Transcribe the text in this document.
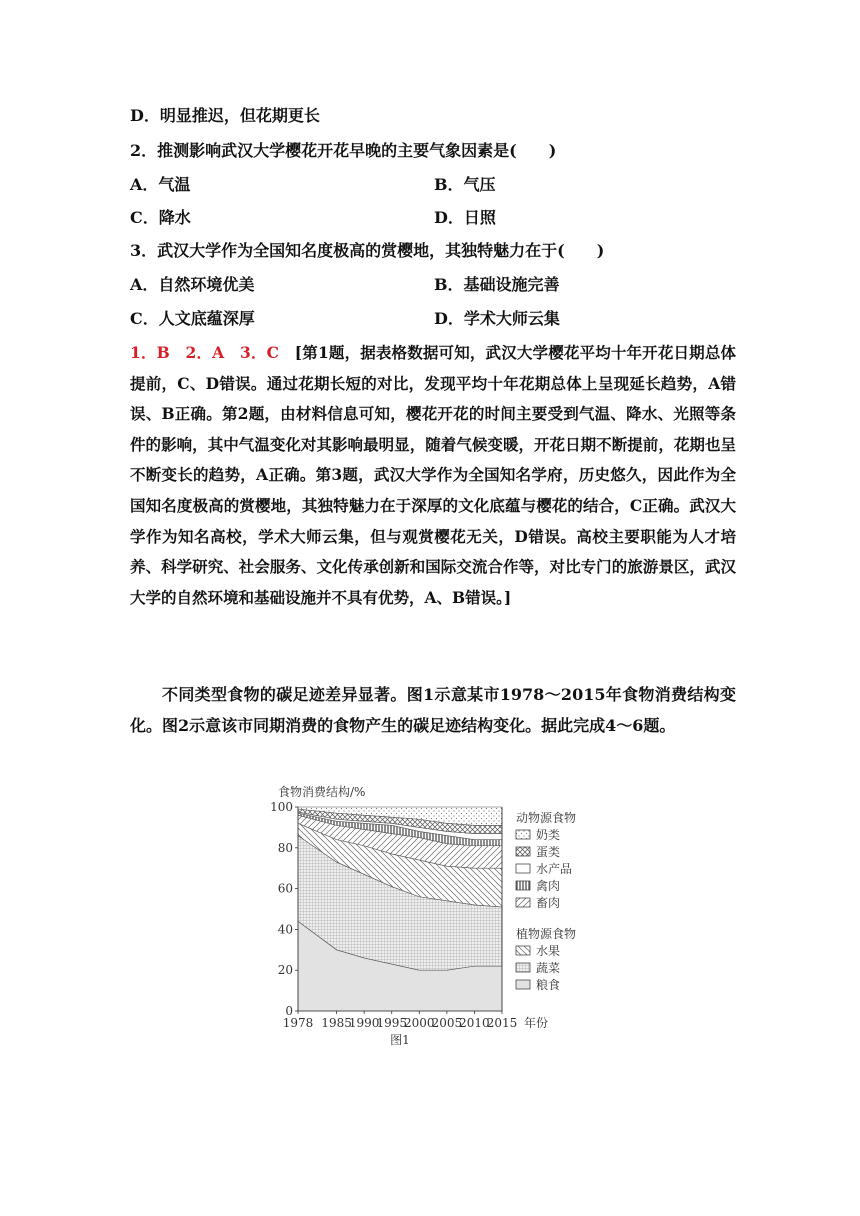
D．明显推迟，但花期更长
2．推测影响武汉大学樱花开花早晚的主要气象因素是(　　)
A．气温	B．气压
C．降水	D．日照
3．武汉大学作为全国知名度极高的赏樱地，其独特魅力在于(　　)
A．自然环境优美	B．基础设施完善
C．人文底蕴深厚	D．学术大师云集
1．B　2．A　3．C　[第1题，据表格数据可知，武汉大学樱花平均十年开花日期总体提前，C、D错误。通过花期长短的对比，发现平均十年花期总体上呈现延长趋势，A错误、B正确。第2题，由材料信息可知，樱花开花的时间主要受到气温、降水、光照等条件的影响，其中气温变化对其影响最明显，随着气候变暖，开花日期不断提前，花期也呈不断变长的趋势，A正确。第3题，武汉大学作为全国知名学府，历史悠久，因此作为全国知名度极高的赏樱地，其独特魅力在于深厚的文化底蕴与樱花的结合，C正确。武汉大学作为知名高校，学术大师云集，但与观赏樱花无关，D错误。高校主要职能为人才培养、科学研究、社会服务、文化传承创新和国际交流合作等，对比专门的旅游景区，武汉大学的自然环境和基础设施并不具有优势，A、B错误。]
不同类型食物的碳足迹差异显著。图1示意某市1978～2015年食物消费结构变化。图2示意该市同期消费的食物产生的碳足迹结构变化。据此完成4～6题。
0
20
40
60
80
100
1978 1985
1990
1995
2000
2005
2010
2015
食物消费结构/%
年份
图1
动物源食物
奶类
蛋类
水产品
禽肉
畜肉
植物源食物
水果
蔬菜
粮食
